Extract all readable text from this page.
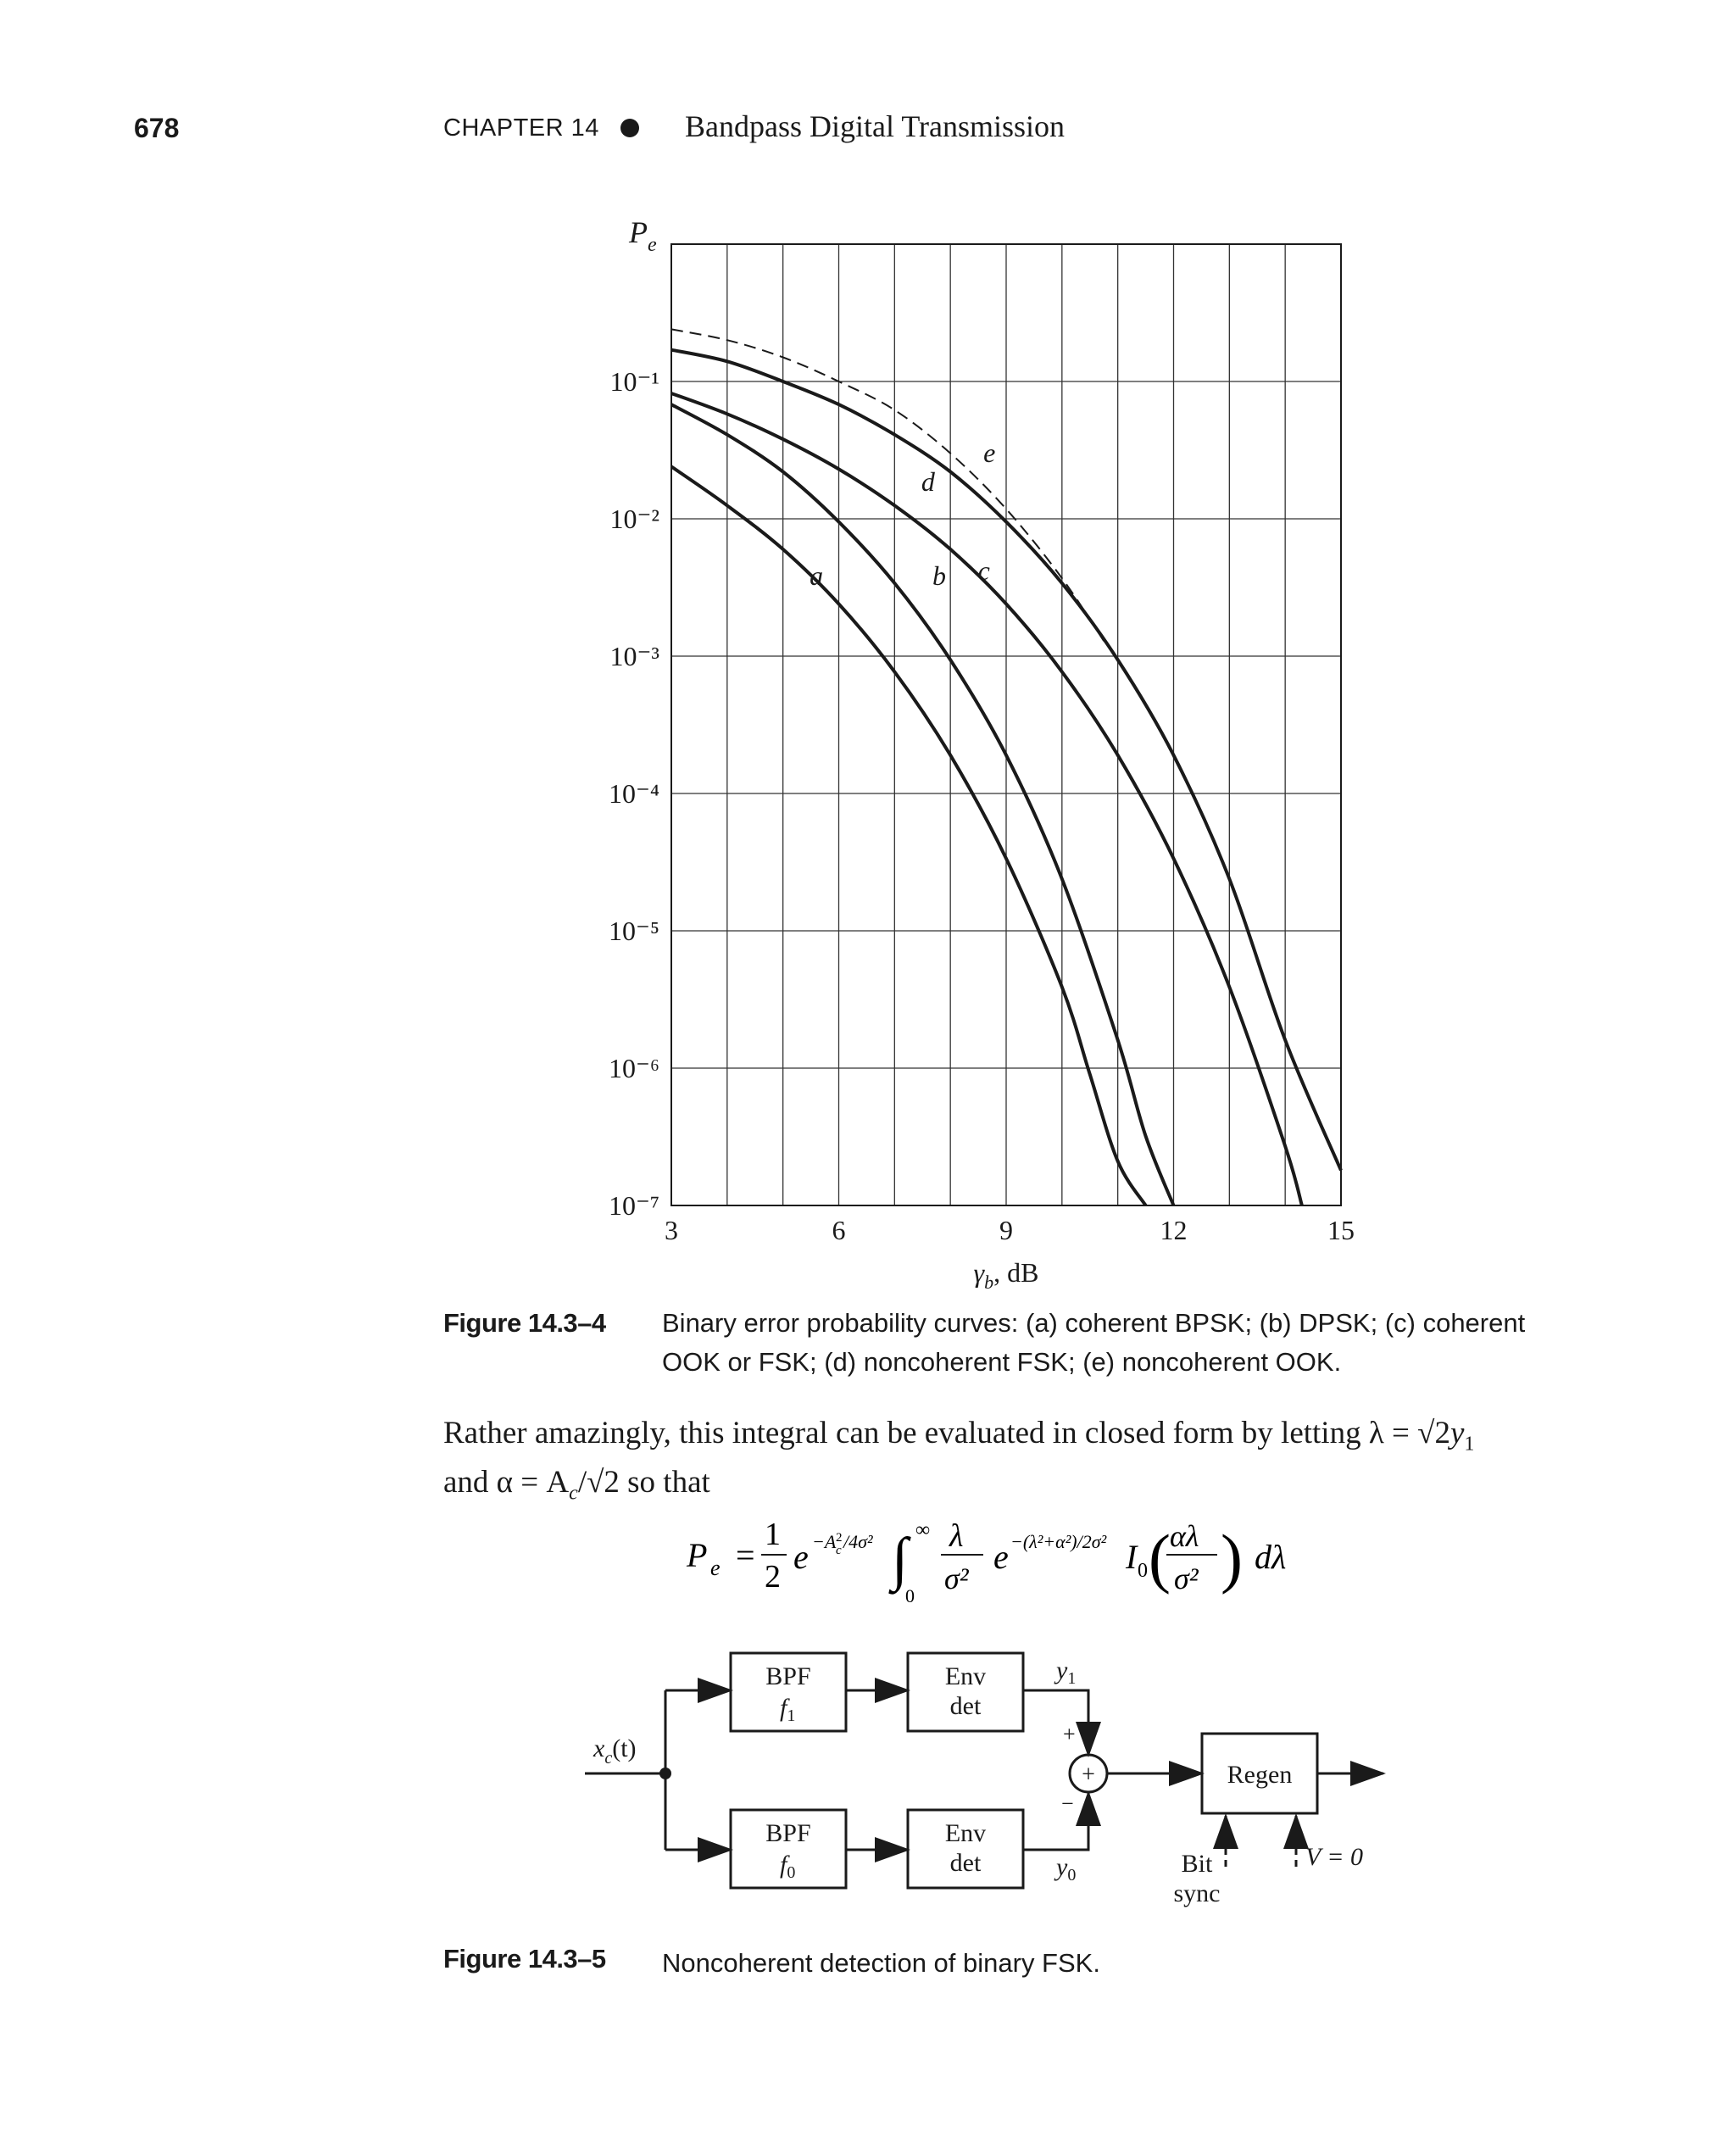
678	CHAPTER 14	Bandpass Digital Transmission
3	6	9	12	15
10⁻¹
10⁻²
10⁻³
10⁻⁴
10⁻⁵
10⁻⁶
10⁻⁷
a	b c
d
e
$P_e$
$\gamma_b$, dB
Figure 14.3–4 Binary error probability curves: (a) coherent BPSK; (b) DPSK; (c) coherent
OOK or FSK; (d) noncoherent FSK; (e) noncoherent OOK.
Rather amazingly, this integral can be evaluated in closed form by letting $\lambda = √2y_1$
and $\alpha = A_c/√2$ so that
P e =
1
2
e −A 2
c /4σ² ∫ ∞
0
λ
σ²
e −(λ²+α²)/2σ² I 0 ( αλ
σ² ) dλ
$x_c(t)$
BPF
$f_1$
BPF
$f_0$
Env
det
Env
det
$y_1$
$y_0$
+
−
+	Regen
Bit
sync
V = 0
Figure 14.3–5 Noncoherent detection of binary FSK.
